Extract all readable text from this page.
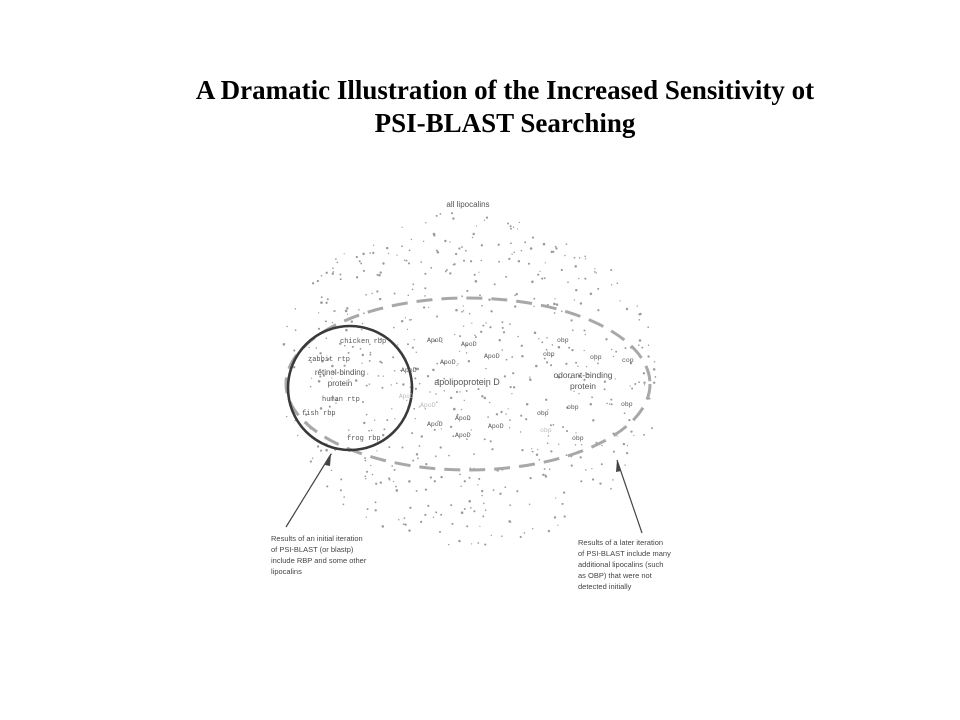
A Dramatic Illustration of the Increased Sensitivity ot
PSI-BLAST Searching
all lipocalins
chicken rbp
zabbit rtp
retinol-binding
protein
human rtp
fish rbp
frog rbp
ApoD
ApoD
ApoD
ApoD
ApoD
ApoD
apolipoprotein D
ApoD
ApoD	ApoD
ApoD
ApoD
obp
obp	obp	cop
odorant-binding
protein
obp	obp
obp
obp
obp
Results of an initial iteration
of PSI-BLAST (or blastp)
include RBP and some other
lipocalins
Results of a later iteration
of PSI-BLAST include many
additional lipocalins (such
as OBP) that were not
detected initially
